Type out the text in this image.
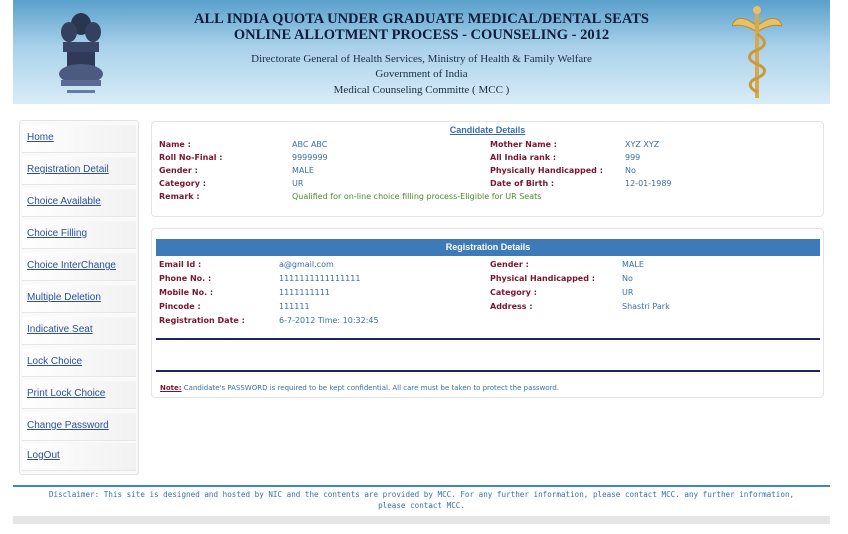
ALL INDIA QUOTA UNDER GRADUATE MEDICAL/DENTAL SEATS
ONLINE ALLOTMENT PROCESS - COUNSELING - 2012
Directorate General of Health Services, Ministry of Health & Family Welfare
Government of India
Medical Counseling Committe ( MCC )
Home
Registration Detail
Choice Available
Choice Filling
Choice InterChange
Multiple Deletion
Indicative Seat
Lock Choice
Print Lock Choice
Change Password
LogOut
Candidate Details
Name :	ABC ABC	Mother Name :	XYZ XYZ
Roll No-Final :	9999999	All India rank :	999
Gender :	MALE	Physically Handicapped :	No
Category :	UR	Date of Birth :	12-01-1989
Remark :	Qualified for on-line choice filling process-Eligible for UR Seats
Registration Details
Email Id :	a@gmail.com	Gender :	MALE
Phone No. :	1111111111111111	Physical Handicapped :	No
Mobile No. :	1111111111	Category :	UR
Pincode :	111111	Address :	Shastri Park
Registration Date :	6-7-2012 Time: 10:32:45
Note: Candidate's PASSWORD is required to be kept confidential. All care must be taken to protect the password.
Disclaimer: This site is designed and hosted by NIC and the contents are provided by MCC. For any further information, please contact MCC. any further information,
please contact MCC.
